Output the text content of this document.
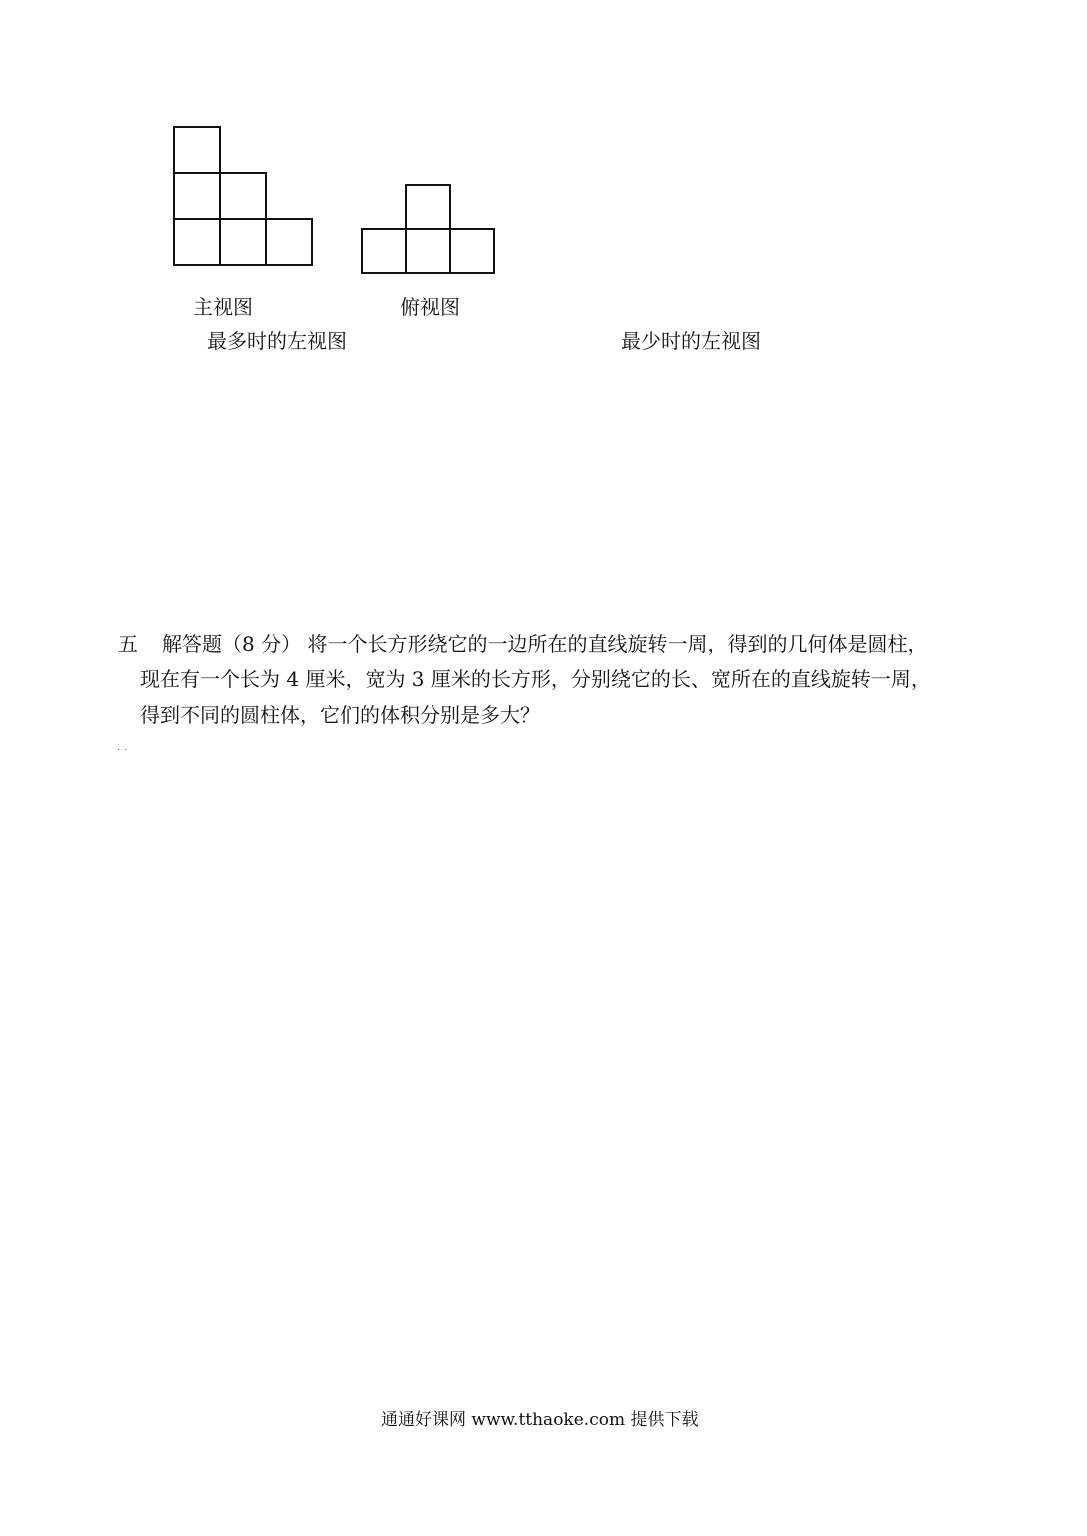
主视图	俯视图
最多时的左视图	最少时的左视图
五 解答题（8 分） 将一个长方形绕它的一边所在的直线旋转一周，得到的几何体是圆柱，
现在有一个长为 4 厘米，宽为 3 厘米的长方形，分别绕它的长、宽所在的直线旋转一周，
得到不同的圆柱体，它们的体积分别是多大？
··
通通好课网 www.tthaoke.com 提供下载
